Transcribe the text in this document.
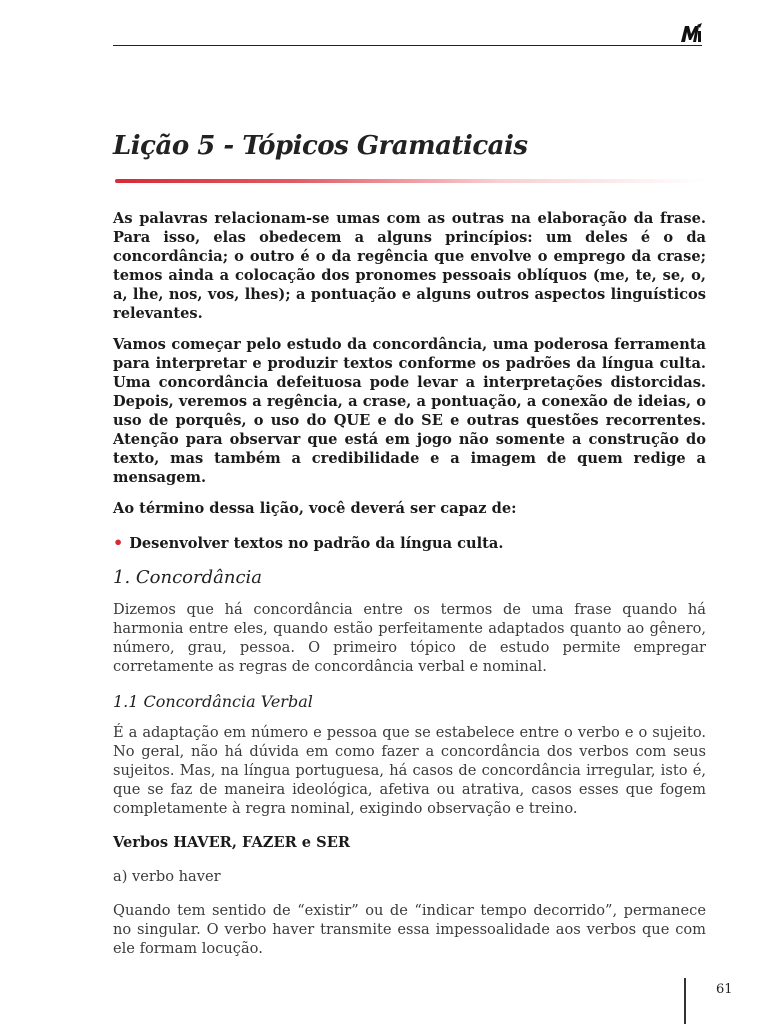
Lição 5 - Tópicos Gramaticais

As palavras relacionam-se umas com as outras na elaboração da frase. Para isso, elas obedecem a alguns princípios: um deles é o da concordância; o outro é o da regência que envolve o emprego da crase; temos ainda a colocação dos pronomes pessoais oblíquos (me, te, se, o, a, lhe, nos, vos, lhes); a pontuação e alguns outros aspectos linguísticos relevantes.

Vamos começar pelo estudo da concordância, uma poderosa ferramenta para interpretar e produzir textos conforme os padrões da língua culta. Uma concordância defeituosa pode levar a interpretações distorcidas. Depois, veremos a regência, a crase, a pontuação, a conexão de ideias, o uso de porquês, o uso do QUE e do SE e outras questões recorrentes. Atenção para observar que está em jogo não somente a construção do texto, mas também a credibilidade e a imagem de quem redige a mensagem.

Ao término dessa lição, você deverá ser capaz de:

• Desenvolver textos no padrão da língua culta.
1. Concordância

Dizemos que há concordância entre os termos de uma frase quando há harmonia entre eles, quando estão perfeitamente adaptados quanto ao gênero, número, grau, pessoa. O primeiro tópico de estudo permite empregar corretamente as regras de concordância verbal e nominal.

1.1 Concordância Verbal

É a adaptação em número e pessoa que se estabelece entre o verbo e o sujeito. No geral, não há dúvida em como fazer a concordância dos verbos com seus sujeitos. Mas, na língua portuguesa, há casos de concordância irregular, isto é, que se faz de maneira ideológica, afetiva ou atrativa, casos esses que fogem completamente à regra nominal, exigindo observação e treino.

Verbos HAVER, FAZER e SER
a) verbo haver

Quando tem sentido de “existir” ou de “indicar tempo decorrido”, permanece no singular. O verbo haver transmite essa impessoalidade aos verbos que com ele formam locução.

61
